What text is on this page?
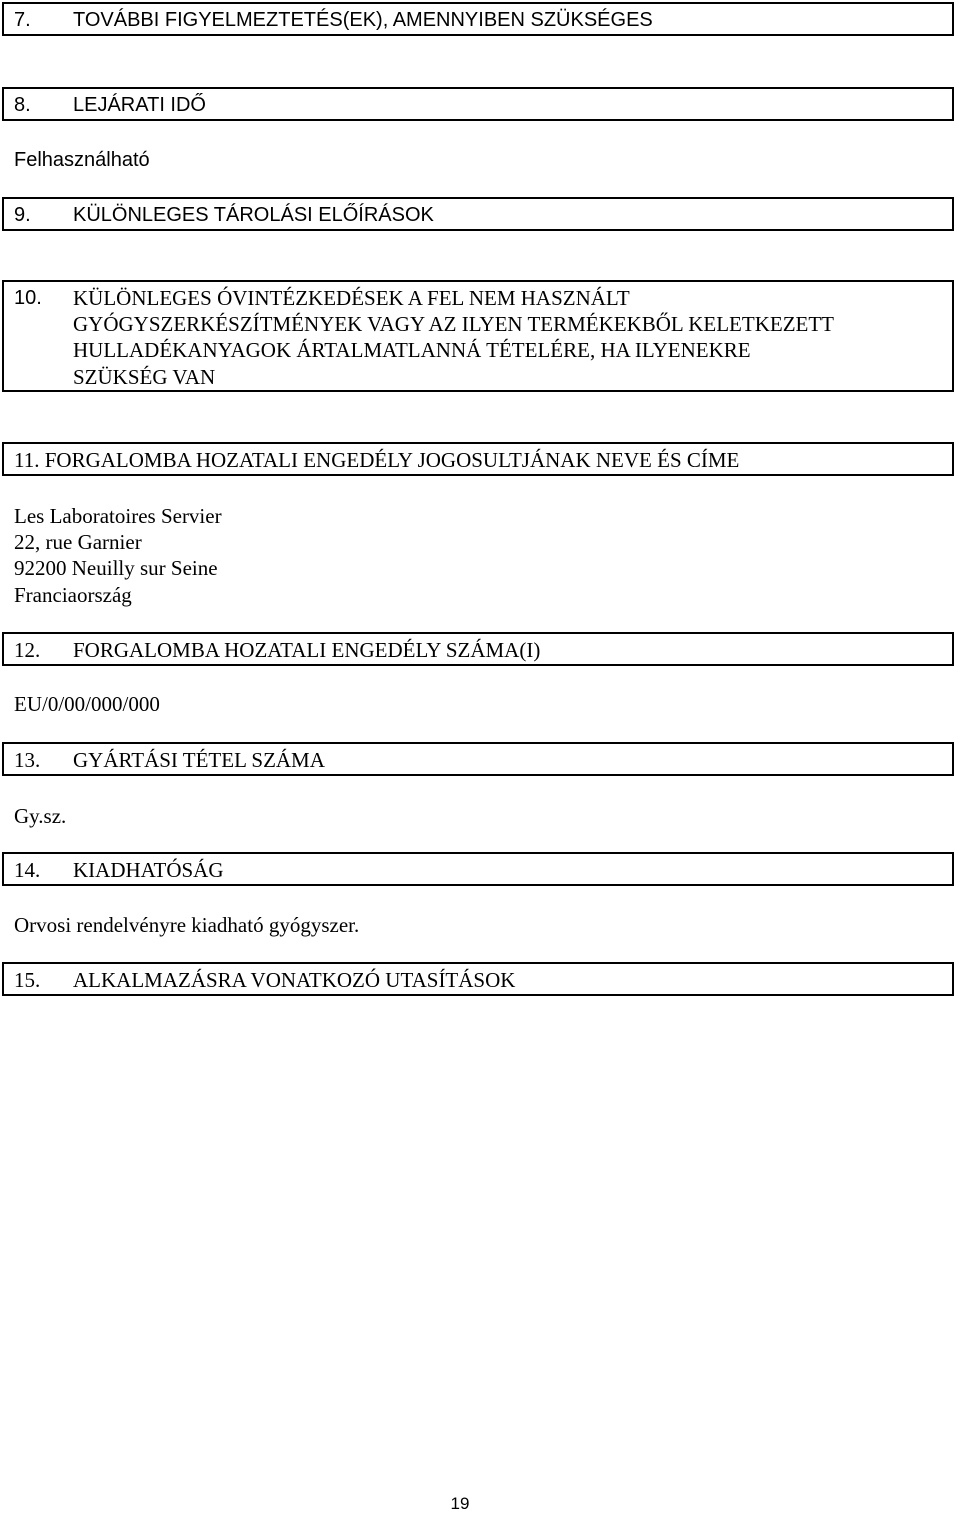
7. TOVÁBBI FIGYELMEZTETÉS(EK), AMENNYIBEN SZÜKSÉGES
8. LEJÁRATI IDŐ
Felhasználható
9. KÜLÖNLEGES TÁROLÁSI ELŐÍRÁSOK
10. KÜLÖNLEGES ÓVINTÉZKEDÉSEK A FEL NEM HASZNÁLT
GYÓGYSZERKÉSZÍTMÉNYEK VAGY AZ ILYEN TERMÉKEKBŐL KELETKEZETT
HULLADÉKANYAGOK ÁRTALMATLANNÁ TÉTELÉRE, HA ILYENEKRE
SZÜKSÉG VAN
11. FORGALOMBA HOZATALI ENGEDÉLY JOGOSULTJÁNAK NEVE ÉS CÍME
Les Laboratoires Servier
22, rue Garnier
92200 Neuilly sur Seine
Franciaország
12. FORGALOMBA HOZATALI ENGEDÉLY SZÁMA(I)
EU/0/00/000/000
13. GYÁRTÁSI TÉTEL SZÁMA
Gy.sz.
14. KIADHATÓSÁG
Orvosi rendelvényre kiadható gyógyszer.
15. ALKALMAZÁSRA VONATKOZÓ UTASÍTÁSOK
19
